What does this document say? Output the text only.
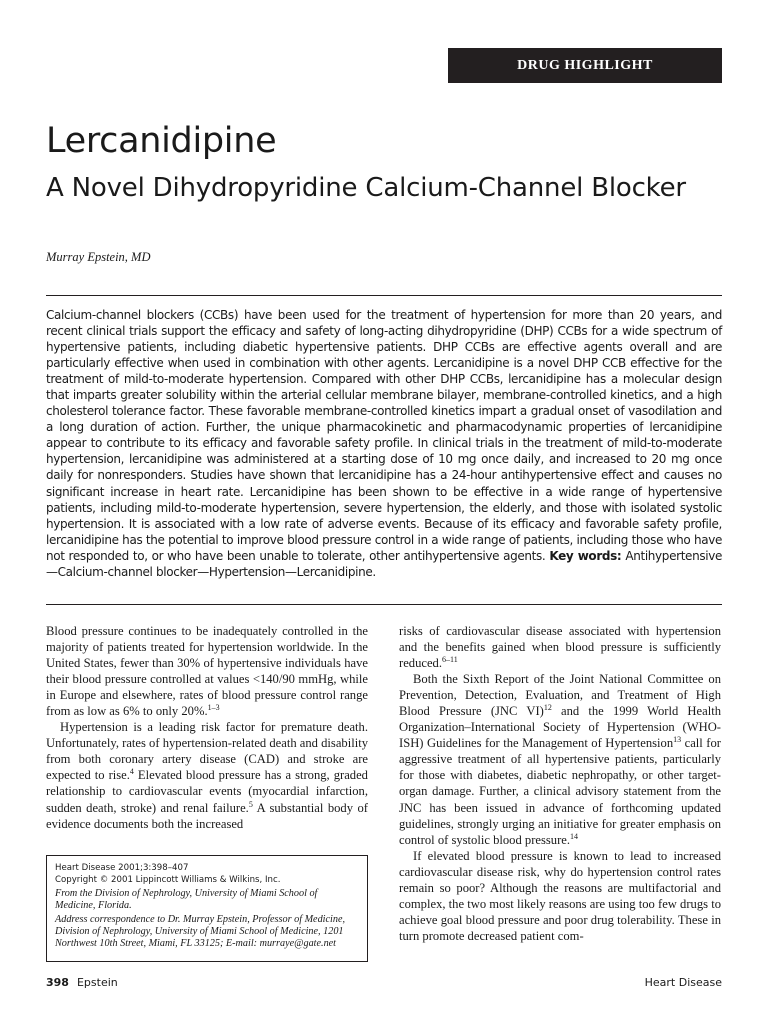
DRUG HIGHLIGHT
Lercanidipine
A Novel Dihydropyridine Calcium-Channel Blocker
Murray Epstein, MD

Calcium-channel blockers (CCBs) have been used for the treatment of hypertension for more than 20 years, and recent clinical trials support the efficacy and safety of long-acting dihydropyridine (DHP) CCBs for a wide spectrum of hypertensive patients, including diabetic hypertensive patients. DHP CCBs are effective agents overall and are particularly effective when used in combination with other agents. Lercanidipine is a novel DHP CCB effective for the treatment of mild-to-moderate hypertension. Compared with other DHP CCBs, lercanidipine has a molecular design that imparts greater solubility within the arterial cellular membrane bilayer, membrane-controlled kinetics, and a high cholesterol tolerance factor. These favorable membrane-controlled kinetics impart a gradual onset of vasodilation and a long duration of action. Further, the unique pharmacokinetic and pharmacodynamic properties of lercanidipine appear to contribute to its efficacy and favorable safety profile. In clinical trials in the treatment of mild-to-moderate hypertension, lercanidipine was administered at a starting dose of 10 mg once daily, and increased to 20 mg once daily for nonresponders. Studies have shown that lercanidipine has a 24-hour antihypertensive effect and causes no significant increase in heart rate. Lercanidipine has been shown to be effective in a wide range of hypertensive patients, including mild-to-moderate hypertension, severe hypertension, the elderly, and those with isolated systolic hypertension. It is associated with a low rate of adverse events. Because of its efficacy and favorable safety profile, lercanidipine has the potential to improve blood pressure control in a wide range of patients, including those who have not responded to, or who have been unable to tolerate, other antihypertensive agents. Key words: Antihypertensive—Calcium-channel blocker—Hypertension—Lercanidipine.

Blood pressure continues to be inadequately controlled in the majority of patients treated for hypertension worldwide. In the United States, fewer than 30% of hypertensive individuals have their blood pressure controlled at values <140/90 mmHg, while in Europe and elsewhere, rates of blood pressure control range from as low as 6% to only 20%.$^{1-3}$

Hypertension is a leading risk factor for premature death. Unfortunately, rates of hypertension-related death and disability from both coronary artery disease (CAD) and stroke are expected to rise.$^4$ Elevated blood pressure has a strong, graded relationship to cardiovascular events (myocardial infarction, sudden death, stroke) and renal failure.$^5$ A substantial body of evidence documents both the increased

Heart Disease 2001;3:398–407
Copyright © 2001 Lippincott Williams & Wilkins, Inc.
From the Division of Nephrology, University of Miami School of Medicine, Florida.
Address correspondence to Dr. Murray Epstein, Professor of Medicine, Division of Nephrology, University of Miami School of Medicine, 1201 Northwest 10th Street, Miami, FL 33125; E-mail: murraye@gate.net

risks of cardiovascular disease associated with hypertension and the benefits gained when blood pressure is sufficiently reduced.$^{6-11}$

Both the Sixth Report of the Joint National Committee on Prevention, Detection, Evaluation, and Treatment of High Blood Pressure (JNC VI)$^{12}$ and the 1999 World Health Organization–International Society of Hypertension (WHO-ISH) Guidelines for the Management of Hypertension$^{13}$ call for aggressive treatment of all hypertensive patients, particularly for those with diabetes, diabetic nephropathy, or other target-organ damage. Further, a clinical advisory statement from the JNC has been issued in advance of forthcoming updated guidelines, strongly urging an initiative for greater emphasis on control of systolic blood pressure.$^{14}$

If elevated blood pressure is known to lead to increased cardiovascular disease risk, why do hypertension control rates remain so poor? Although the reasons are multifactorial and complex, the two most likely reasons are using too few drugs to achieve goal blood pressure and poor drug tolerability. These in turn promote decreased patient com-

398 Epstein	Heart Disease
